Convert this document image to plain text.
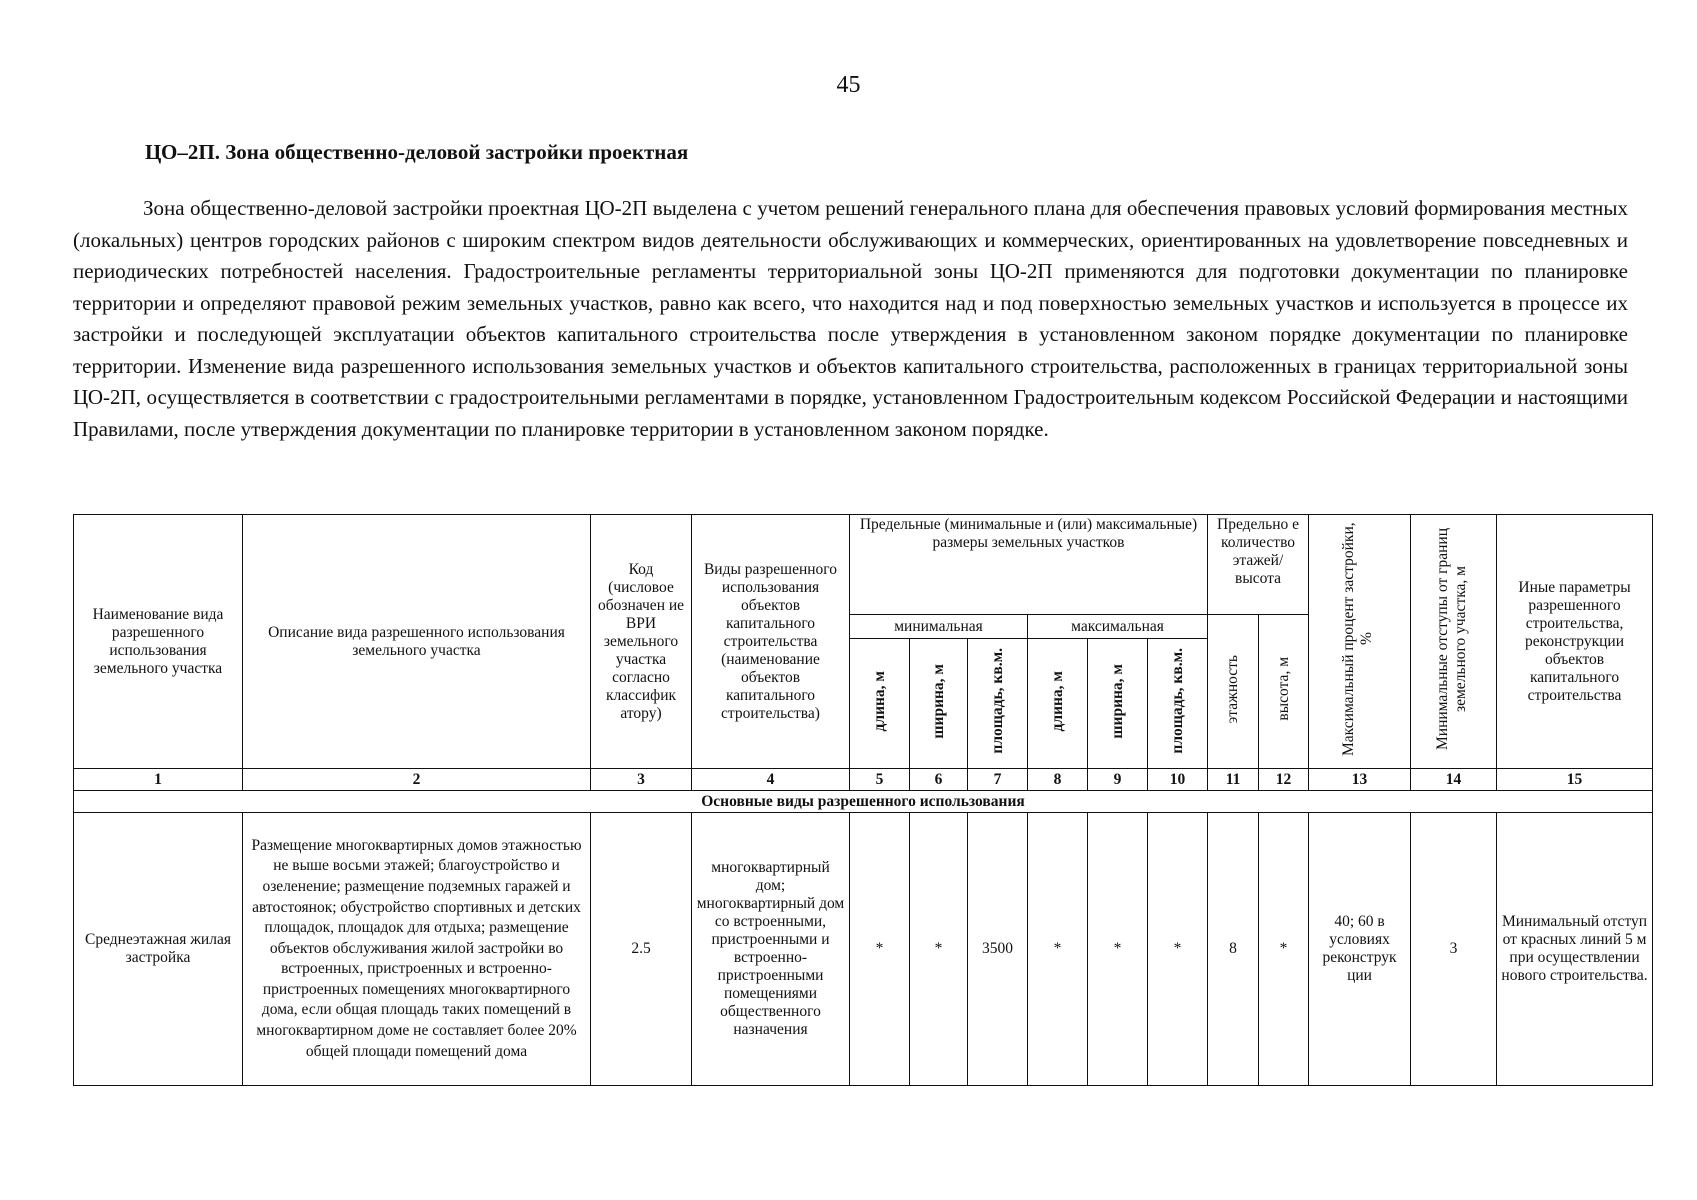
45
ЦО–2П. Зона общественно-деловой застройки проектная

Зона общественно-деловой застройки проектная ЦО-2П выделена с учетом решений генерального плана для обеспечения правовых условий формирования местных (локальных) центров городских районов с широким спектром видов деятельности обслуживающих и коммерческих, ориентированных на удовлетворение повседневных и периодических потребностей населения. Градостроительные регламенты территориальной зоны ЦО-2П применяются для подготовки документации по планировке территории и определяют правовой режим земельных участков, равно как всего, что находится над и под поверхностью земельных участков и используется в процессе их застройки и последующей эксплуатации объектов капитального строительства после утверждения в установленном законом порядке документации по планировке территории. Изменение вида разрешенного использования земельных участков и объектов капитального строительства, расположенных в границах территориальной зоны ЦО-2П, осуществляется в соответствии с градостроительными регламентами в порядке, установленном Градостроительным кодексом Российской Федерации и настоящими Правилами, после утверждения документации по планировке территории в установленном законом порядке.

Наименование вида разрешенного использования земельного участка	Описание вида разрешенного использования земельного участка	Код (числовое обозначен ие ВРИ земельного участка согласно классифик атору)	Виды разрешенного использования объектов капитального строительства (наименование объектов капитального строительства)	Предельные (минимальные и (или) максимальные) размеры земельных участков						Предельно е количество этажей/ высота		Максимальный процент застройки, %	Минимальные отступы от границ земельного участка, м	Иные параметры разрешенного строительства, реконструкции объектов капитального строительства
				минимальная			максимальная			этажность	высота, м			
				длина, м	ширина, м	площадь, кв.м.	длина, м	ширина, м	площадь, кв.м.					
1	2	3	4	5	6	7	8	9	10	11	12	13	14	15
Основные виды разрешенного использования														
Среднеэтажная жилая застройка	Размещение многоквартирных домов этажностью не выше восьми этажей; благоустройство и озеленение; размещение подземных гаражей и автостоянок; обустройство спортивных и детских площадок, площадок для отдыха; размещение объектов обслуживания жилой застройки во встроенных, пристроенных и встроенно-пристроенных помещениях многоквартирного дома, если общая площадь таких помещений в многоквартирном доме не составляет более 20% общей площади помещений дома	2.5	многоквартирный дом; многоквартирный дом со встроенными, пристроенными и встроенно-пристроенными помещениями общественного назначения	*	*	3500	*	*	*	8	*	40; 60 в условиях реконструк ции	3	Минимальный отступ от красных линий 5 м при осуществлении нового строительства.
